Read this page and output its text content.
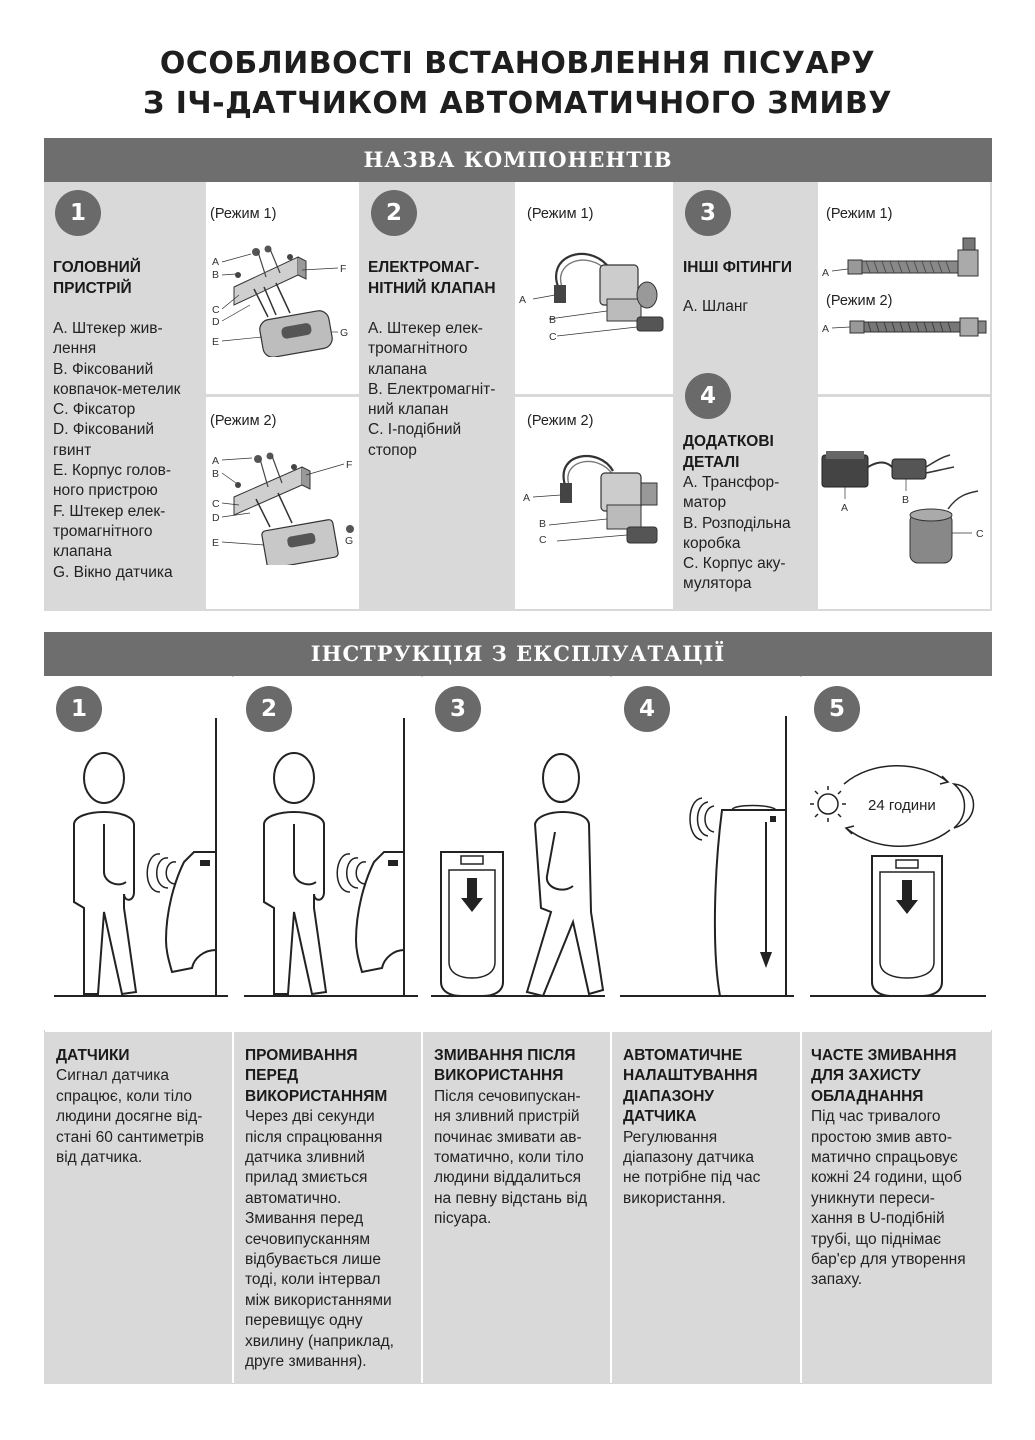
ОСОБЛИВОСТІ ВСТАНОВЛЕННЯ ПІСУАРУ
З ІЧ-ДАТЧИКОМ АВТОМАТИЧНОГО ЗМИВУ
НАЗВА КОМПОНЕНТІВ
1
ГОЛОВНИЙ
ПРИСТРІЙ
A. Штекер жив-
лення
B. Фіксований
ковпачок-метелик
C. Фіксатор
D. Фіксований
гвинт
E. Корпус голов-
ного пристрою
F. Штекер елек-
тромагнітного
клапана
G. Вікно датчика
(Режим 1)
A
B
C
D
E
F
G
(Режим 2)
A
B
C
D
E
F
G
2
ЕЛЕКТРОМАГ-
НІТНИЙ КЛАПАН
A. Штекер елек-
тромагнітного
клапана
B. Електромагніт-
ний клапан
C. І-подібний
стопор
(Режим 1)
A
B
C
(Режим 2)
A
B
C
3
ІНШІ ФІТИНГИ
A. Шланг
4
ДОДАТКОВІ
ДЕТАЛІ
A. Трансфор-
матор
B. Розподільна
коробка
C. Корпус аку-
мулятора
(Режим 1)
A
(Режим 2)
A
A
B
C
ІНСТРУКЦІЯ З ЕКСПЛУАТАЦІЇ
1
ДАТЧИКИ
Сигнал датчика
спрацює, коли тіло
людини досягне від-
стані 60 сантиметрів
від датчика.
2
ПРОМИВАННЯ
ПЕРЕД
ВИКОРИСТАННЯМ
Через дві секунди
після спрацювання
датчика зливний
прилад змиється
автоматично.
Змивання перед
сечовипусканням
відбувається лише
тоді, коли інтервал
між використаннями
перевищує одну
хвилину (наприклад,
друге змивання).
3
ЗМИВАННЯ ПІСЛЯ
ВИКОРИСТАННЯ
Після сечовипускан-
ня зливний пристрій
починає змивати ав-
томатично, коли тіло
людини віддалиться
на певну відстань від
пісуара.
4
АВТОМАТИЧНЕ
НАЛАШТУВАННЯ
ДІАПАЗОНУ
ДАТЧИКА
Регулювання
діапазону датчика
не потрібне під час
використання.
5
24 години
ЧАСТЕ ЗМИВАННЯ
ДЛЯ ЗАХИСТУ
ОБЛАДНАННЯ
Під час тривалого
простою змив авто-
матично спрацьовує
кожні 24 години, щоб
уникнути переси-
хання в U-подібній
трубі, що піднімає
бар'єр для утворення
запаху.
